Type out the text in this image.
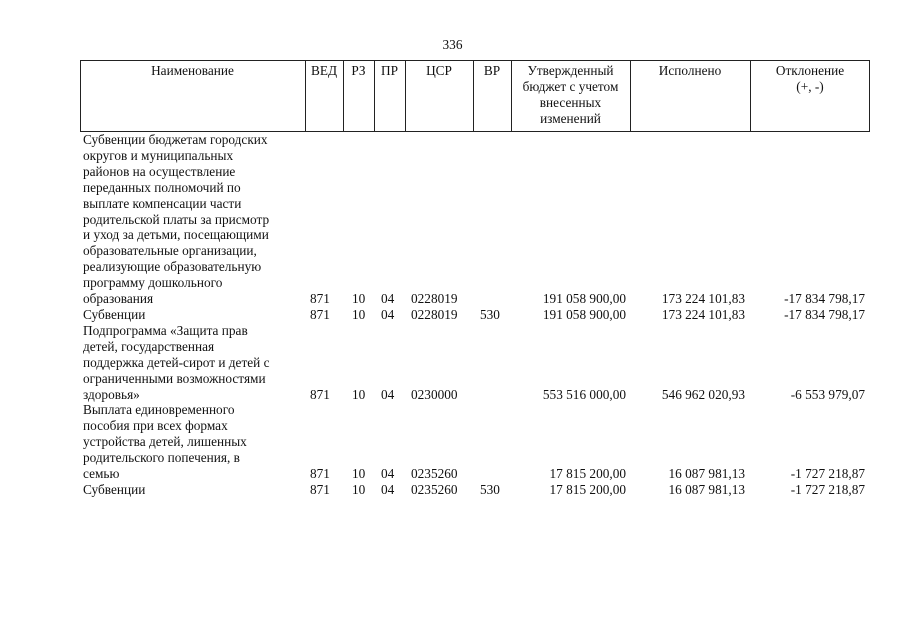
336
Наименование	ВЕД	РЗ	ПР	ЦСР	ВР	Утвержденный
бюджет с учетом
внесенных
изменений
Исполнено	Отклонение
(+, -)
Субвенции бюджетам городских
округов и муниципальных
районов на осуществление
переданных полномочий по
выплате компенсации части
родительской платы за присмотр
и уход за детьми, посещающими
образовательные организации,
реализующие образовательную
программу дошкольного
образования	871 10 04 0228019	191 058 900,00	173 224 101,83	-17 834 798,17
Субвенции	871 10 04 0228019 530	191 058 900,00	173 224 101,83	-17 834 798,17
Подпрограмма «Защита прав
детей, государственная
поддержка детей-сирот и детей с
ограниченными возможностями
здоровья»	871 10 04 0230000	553 516 000,00	546 962 020,93	-6 553 979,07
Выплата единовременного
пособия при всех формах
устройства детей, лишенных
родительского попечения, в
семью	871 10 04 0235260	17 815 200,00	16 087 981,13	-1 727 218,87
Субвенции	871 10 04 0235260 530	17 815 200,00	16 087 981,13	-1 727 218,87
